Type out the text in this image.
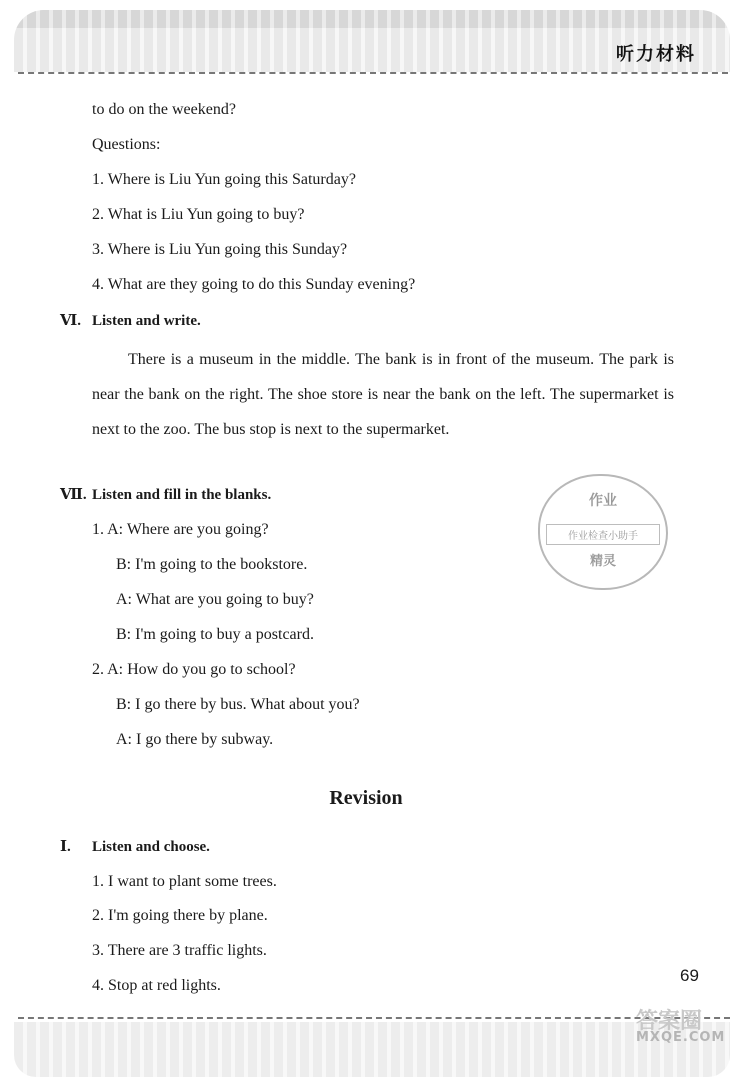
听力材料
to do on the weekend?
Questions:
1. Where is Liu Yun going this Saturday?
2. What is Liu Yun going to buy?
3. Where is Liu Yun going this Sunday?
4. What are they going to do this Sunday evening?
Ⅵ. Listen and write.
There is a museum in the middle. The bank is in front of the museum. The park is near the bank on the right. The shoe store is near the bank on the left. The supermarket is next to the zoo. The bus stop is next to the supermarket.
Ⅶ. Listen and fill in the blanks.
1. A: Where are you going?
B: I'm going to the bookstore.
A: What are you going to buy?
B: I'm going to buy a postcard.
2. A: How do you go to school?
B: I go there by bus. What about you?
A: I go there by subway.
作业
作业检查小助手
精灵
Revision
Ⅰ. Listen and choose.
1. I want to plant some trees.
2. I'm going there by plane.
3. There are 3 traffic lights.
4. Stop at red lights.
69
答案圈
MXQE.COM
